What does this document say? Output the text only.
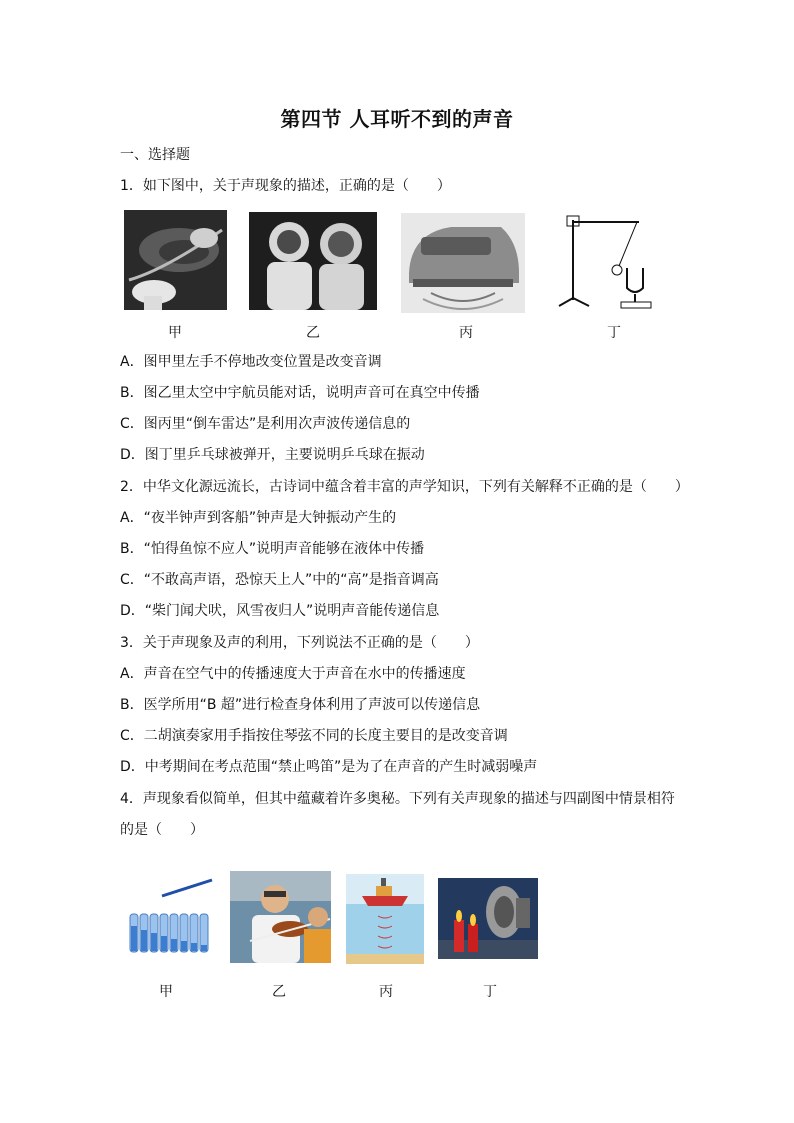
第四节 人耳听不到的声音
一、选择题
1．如下图中，关于声现象的描述，正确的是（　　）
甲	乙	丙	丁
A．图甲里左手不停地改变位置是改变音调
B．图乙里太空中宇航员能对话，说明声音可在真空中传播
C．图丙里“倒车雷达”是利用次声波传递信息的
D．图丁里乒乓球被弹开，主要说明乒乓球在振动
2．中华文化源远流长，古诗词中蕴含着丰富的声学知识，下列有关解释不正确的是（　　）
A．“夜半钟声到客船”钟声是大钟振动产生的
B．“怕得鱼惊不应人”说明声音能够在液体中传播
C．“不敢高声语，恐惊天上人”中的“高”是指音调高
D．“柴门闻犬吠，风雪夜归人”说明声音能传递信息
3．关于声现象及声的利用，下列说法不正确的是（　　）
A．声音在空气中的传播速度大于声音在水中的传播速度
B．医学所用“B 超”进行检查身体利用了声波可以传递信息
C．二胡演奏家用手指按住琴弦不同的长度主要目的是改变音调
D．中考期间在考点范围“禁止鸣笛”是为了在声音的产生时减弱噪声
4．声现象看似简单，但其中蕴藏着许多奥秘。下列有关声现象的描述与四副图中情景相符
的是（　　）
甲	乙	丙	丁
